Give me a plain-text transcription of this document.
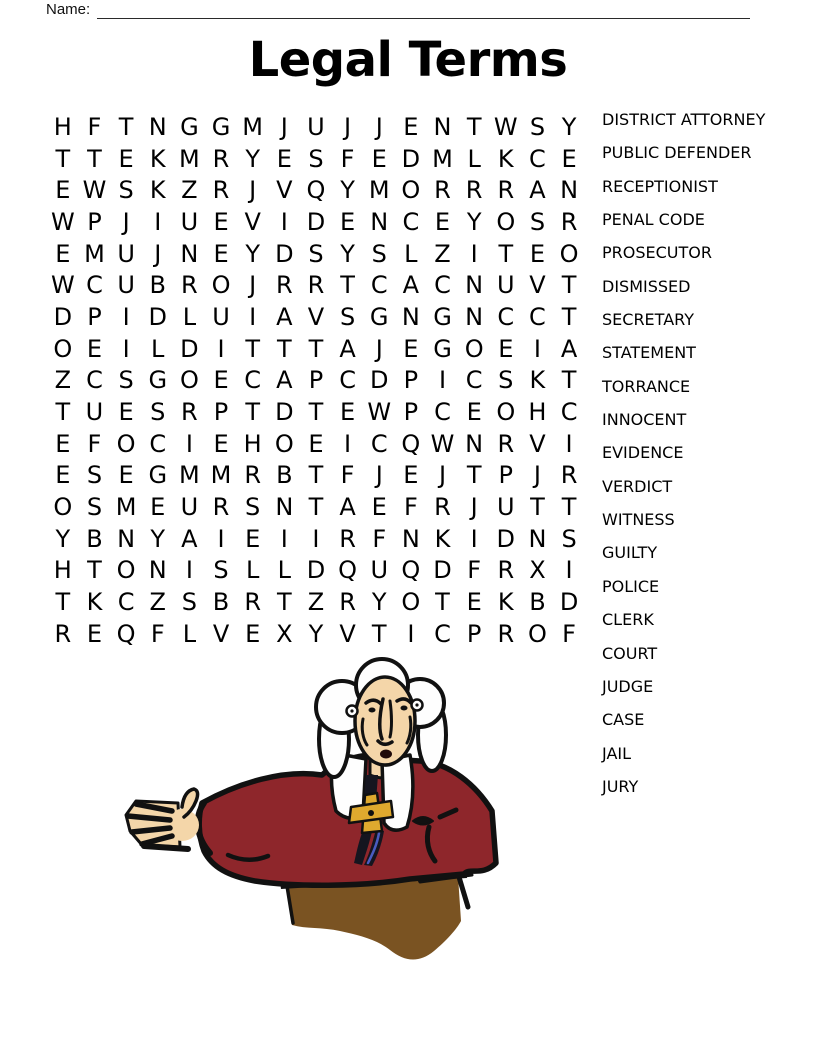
Name:
Legal Terms
H F T N G G M J U J	J E N T W S Y
T T E K M R Y E S F E D M L K C E
E W S K Z R J V Q Y M O R R R A N
W P J	I U E V I D E N C E Y O S R
E M U J N E Y D S Y S L Z I T E O
W C U B R O J R R T C A C N U V T
D P I D L U I A V S G N G N C C T
O E I L D I T T T A J E G O E I A
Z C S G O E C A P C D P I C S K T
T U E S R P T D T E W P C E O H C
E F O C I E H O E I C Q W N R V I
E S E G M M R B T F J E J T P J R
O S M E U R S N T A E F R J U T T
Y B N Y A I E I	I R F N K I D N S
H T O N I S L L D Q U Q D F R X I
T K C Z S B R T Z R Y O T E K B D
R E Q F L V E X Y V T I C P R O F
DISTRICT ATTORNEY
PUBLIC DEFENDER
RECEPTIONIST
PENAL CODE
PROSECUTOR
DISMISSED
SECRETARY
STATEMENT
TORRANCE
INNOCENT
EVIDENCE
VERDICT
WITNESS
GUILTY
POLICE
CLERK
COURT
JUDGE
CASE
JAIL
JURY
